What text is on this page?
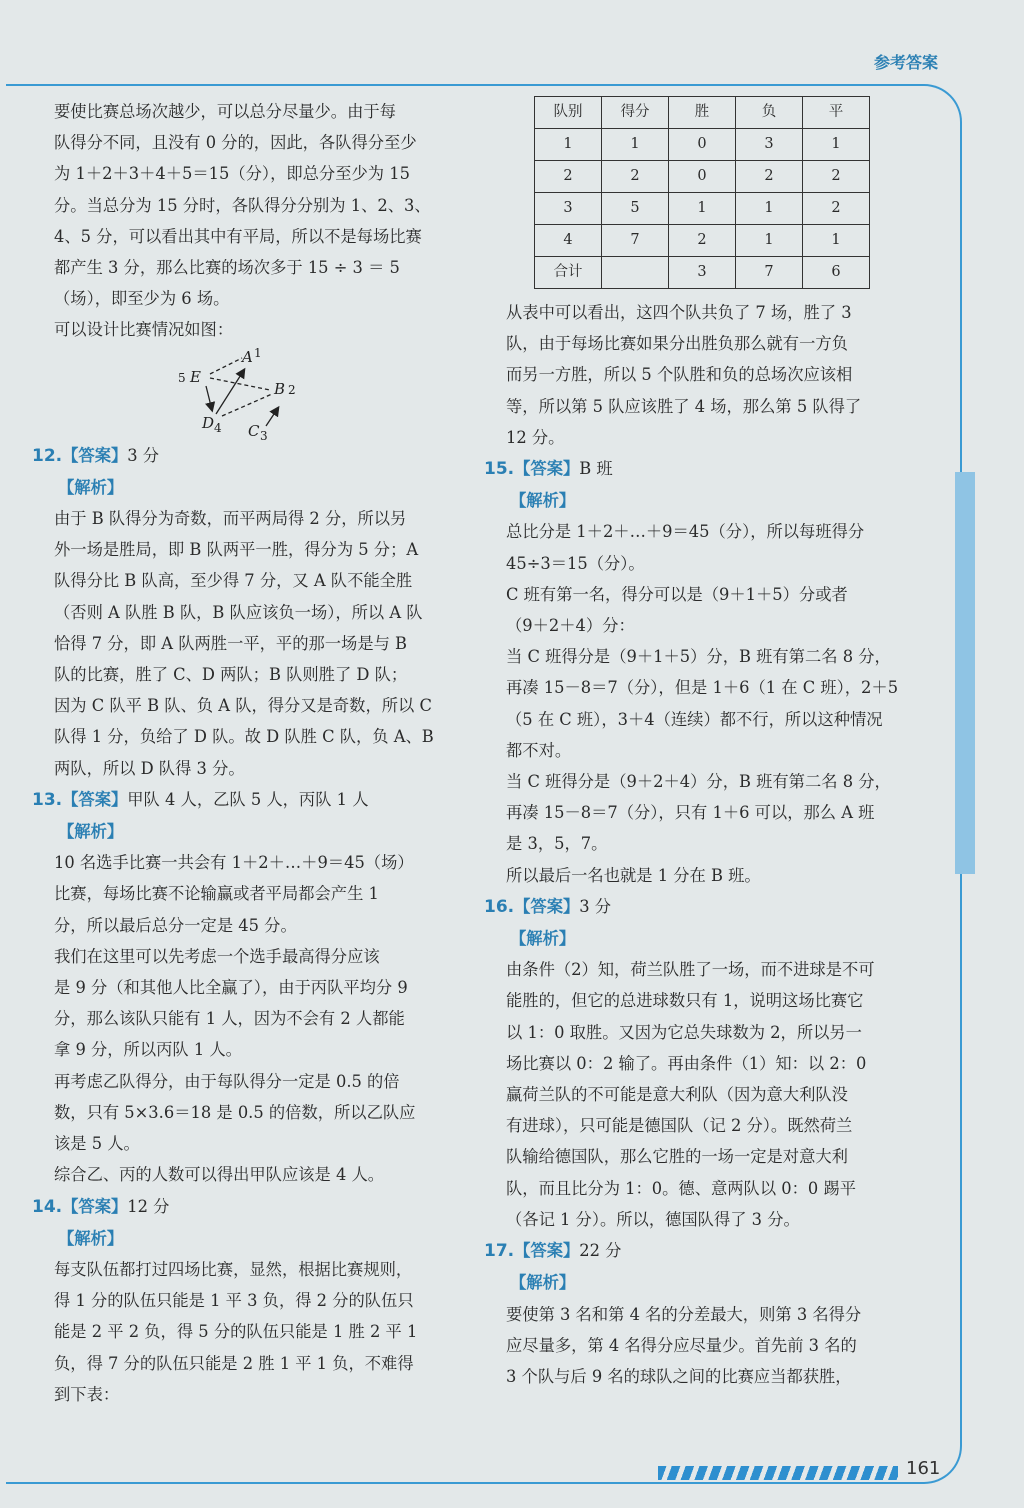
参考答案
要使比赛总场次越少，可以总分尽量少。由于每
队得分不同，且没有 0 分的，因此，各队得分至少
为 1＋2＋3＋4＋5＝15（分），即总分至少为 15
分。当总分为 15 分时，各队得分分别为 1、2、3、
4、5 分，可以看出其中有平局，所以不是每场比赛
都产生 3 分，那么比赛的场次多于 15 ÷ 3 ＝ 5
（场），即至少为 6 场。
可以设计比赛情况如图：
A 1
B 2
C 3
D 4
E
5
12.【答案】3 分
【解析】
由于 B 队得分为奇数，而平两局得 2 分，所以另
外一场是胜局，即 B 队两平一胜，得分为 5 分；A
队得分比 B 队高，至少得 7 分，又 A 队不能全胜
（否则 A 队胜 B 队，B 队应该负一场），所以 A 队
恰得 7 分，即 A 队两胜一平，平的那一场是与 B
队的比赛，胜了 C、D 两队；B 队则胜了 D 队；
因为 C 队平 B 队、负 A 队，得分又是奇数，所以 C
队得 1 分，负给了 D 队。故 D 队胜 C 队，负 A、B
两队，所以 D 队得 3 分。
13.【答案】甲队 4 人，乙队 5 人，丙队 1 人
【解析】
10 名选手比赛一共会有 1＋2＋…＋9＝45（场）
比赛，每场比赛不论输赢或者平局都会产生 1
分，所以最后总分一定是 45 分。
我们在这里可以先考虑一个选手最高得分应该
是 9 分（和其他人比全赢了），由于丙队平均分 9
分，那么该队只能有 1 人，因为不会有 2 人都能
拿 9 分，所以丙队 1 人。
再考虑乙队得分，由于每队得分一定是 0.5 的倍
数，只有 5×3.6＝18 是 0.5 的倍数，所以乙队应
该是 5 人。
综合乙、丙的人数可以得出甲队应该是 4 人。
14.【答案】12 分
【解析】
每支队伍都打过四场比赛，显然，根据比赛规则，
得 1 分的队伍只能是 1 平 3 负，得 2 分的队伍只
能是 2 平 2 负，得 5 分的队伍只能是 1 胜 2 平 1
负，得 7 分的队伍只能是 2 胜 1 平 1 负，不难得
到下表：
队别	得分	胜	负	平
1	1	0	3	1
2	2	0	2	2
3	5	1	1	2
4	7	2	1	1
合计		3	7	6
从表中可以看出，这四个队共负了 7 场，胜了 3
队，由于每场比赛如果分出胜负那么就有一方负
而另一方胜，所以 5 个队胜和负的总场次应该相
等，所以第 5 队应该胜了 4 场，那么第 5 队得了
12 分。
15.【答案】B 班
【解析】
总比分是 1＋2＋…＋9＝45（分），所以每班得分
45÷3＝15（分）。
C 班有第一名，得分可以是（9＋1＋5）分或者
（9＋2＋4）分：
当 C 班得分是（9＋1＋5）分，B 班有第二名 8 分，
再凑 15－8＝7（分），但是 1＋6（1 在 C 班），2＋5
（5 在 C 班），3＋4（连续）都不行，所以这种情况
都不对。
当 C 班得分是（9＋2＋4）分，B 班有第二名 8 分，
再凑 15－8＝7（分），只有 1＋6 可以，那么 A 班
是 3，5，7。
所以最后一名也就是 1 分在 B 班。
16.【答案】3 分
【解析】
由条件（2）知，荷兰队胜了一场，而不进球是不可
能胜的，但它的总进球数只有 1，说明这场比赛它
以 1：0 取胜。又因为它总失球数为 2，所以另一
场比赛以 0：2 输了。再由条件（1）知：以 2：0
赢荷兰队的不可能是意大利队（因为意大利队没
有进球），只可能是德国队（记 2 分）。既然荷兰
队输给德国队，那么它胜的一场一定是对意大利
队，而且比分为 1：0。德、意两队以 0：0 踢平
（各记 1 分）。所以，德国队得了 3 分。
17.【答案】22 分
【解析】
要使第 3 名和第 4 名的分差最大，则第 3 名得分
应尽量多，第 4 名得分应尽量少。首先前 3 名的
3 个队与后 9 名的球队之间的比赛应当都获胜，
161
